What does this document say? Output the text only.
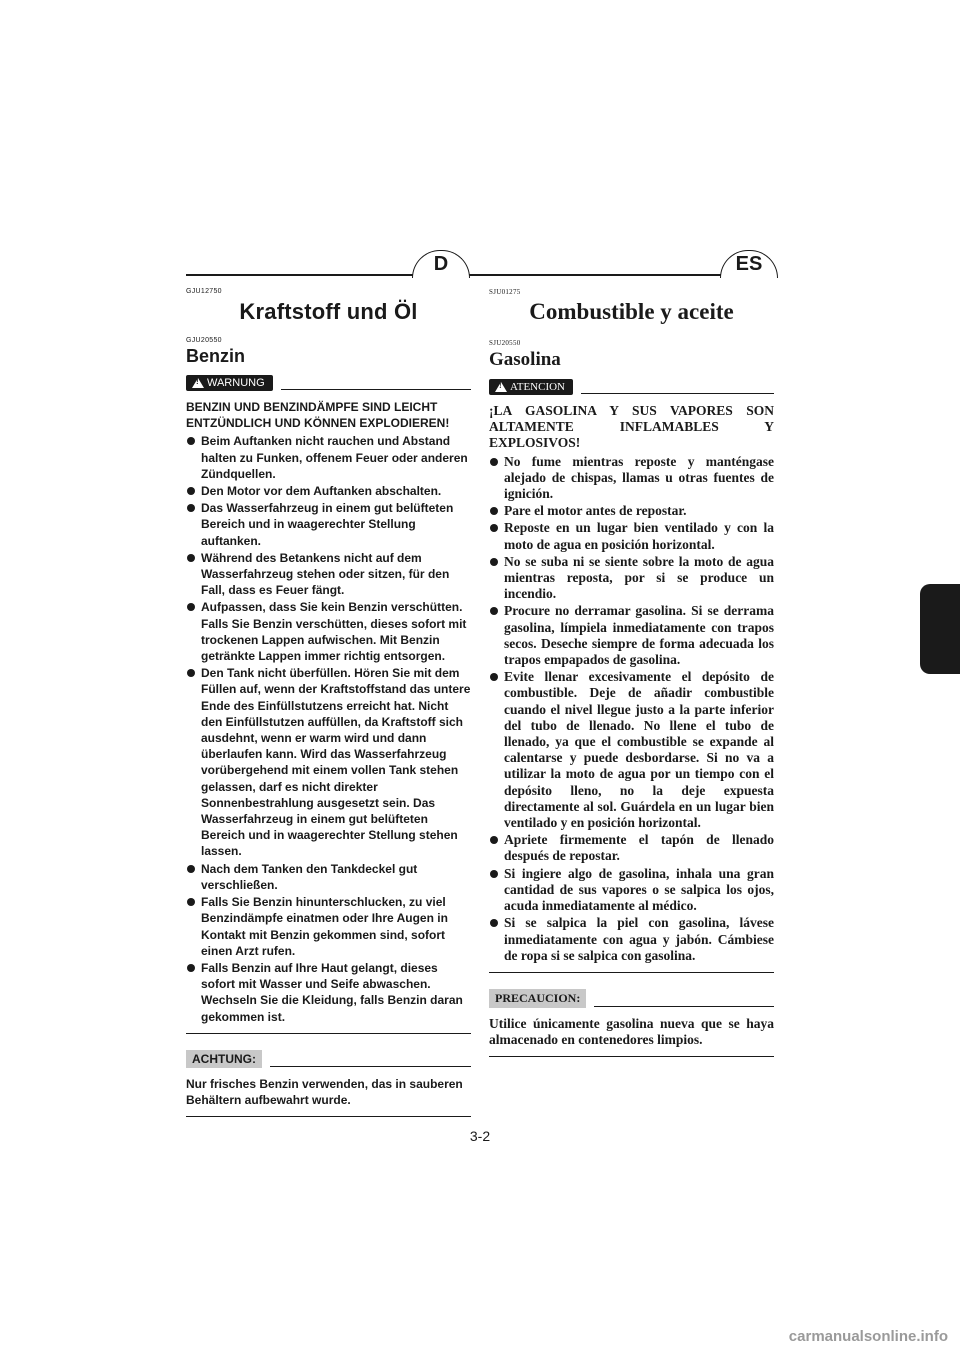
D	ES
GJU12750
Kraftstoff und Öl
GJU20550
Benzin
!
WARNUNG

BENZIN UND BENZINDÄMPFE SIND LEICHT ENTZÜNDLICH UND KÖNNEN EXPLODIEREN!

Beim Auftanken nicht rauchen und Abstand halten zu Funken, offenem Feuer oder anderen Zündquellen.
Den Motor vor dem Auftanken abschalten.
Das Wasserfahrzeug in einem gut belüfteten Bereich und in waagerechter Stellung auftanken.
Während des Betankens nicht auf dem Wasserfahrzeug stehen oder sitzen, für den Fall, dass es Feuer fängt.
Aufpassen, dass Sie kein Benzin verschütten. Falls Sie Benzin verschütten, dieses sofort mit trockenen Lappen aufwischen. Mit Benzin getränkte Lappen immer richtig entsorgen.
Den Tank nicht überfüllen. Hören Sie mit dem Füllen auf, wenn der Kraftstoffstand das untere Ende des Einfüllstutzens erreicht hat. Nicht den Einfüllstutzen auffüllen, da Kraftstoff sich ausdehnt, wenn er warm wird und dann überlaufen kann. Wird das Wasserfahrzeug vorübergehend mit einem vollen Tank stehen gelassen, darf es nicht direkter Sonnenbestrahlung ausgesetzt sein. Das Wasserfahrzeug in einem gut belüfteten Bereich und in waagerechter Stellung stehen lassen.
Nach dem Tanken den Tankdeckel gut verschließen.
Falls Sie Benzin hinunterschlucken, zu viel Benzindämpfe einatmen oder Ihre Augen in Kontakt mit Benzin gekommen sind, sofort einen Arzt rufen.
Falls Benzin auf Ihre Haut gelangt, dieses sofort mit Wasser und Seife abwaschen. Wechseln Sie die Kleidung, falls Benzin daran gekommen ist.
ACHTUNG:

Nur frisches Benzin verwenden, das in sauberen Behältern aufbewahrt wurde.

SJU01275
Combustible y aceite
SJU20550
Gasolina
!
ATENCION

¡LA GASOLINA Y SUS VAPORES SON ALTAMENTE INFLAMABLES Y EXPLOSIVOS!

No fume mientras reposte y manténgase alejado de chispas, llamas u otras fuentes de ignición.
Pare el motor antes de repostar.
Reposte en un lugar bien ventilado y con la moto de agua en posición horizontal.
No se suba ni se siente sobre la moto de agua mientras reposta, por si se produce un incendio.
Procure no derramar gasolina. Si se derrama gasolina, límpiela inmediatamente con trapos secos. Deseche siempre de forma adecuada los trapos empapados de gasolina.
Evite llenar excesivamente el depósito de combustible. Deje de añadir combustible cuando el nivel llegue justo a la parte inferior del tubo de llenado. No llene el tubo de llenado, ya que el combustible se expande al calentarse y puede desbordarse. Si no va a utilizar la moto de agua por un tiempo con el depósito lleno, no la deje expuesta directamente al sol. Guárdela en un lugar bien ventilado y en posición horizontal.
Apriete firmemente el tapón de llenado después de repostar.
Si ingiere algo de gasolina, inhala una gran cantidad de sus vapores o se salpica los ojos, acuda inmediatamente al médico.
Si se salpica la piel con gasolina, lávese inmediatamente con agua y jabón. Cámbiese de ropa si se salpica con gasolina.
PRECAUCION:

Utilice únicamente gasolina nueva que se haya almacenado en contenedores limpios.

3-2
carmanualsonline.info
